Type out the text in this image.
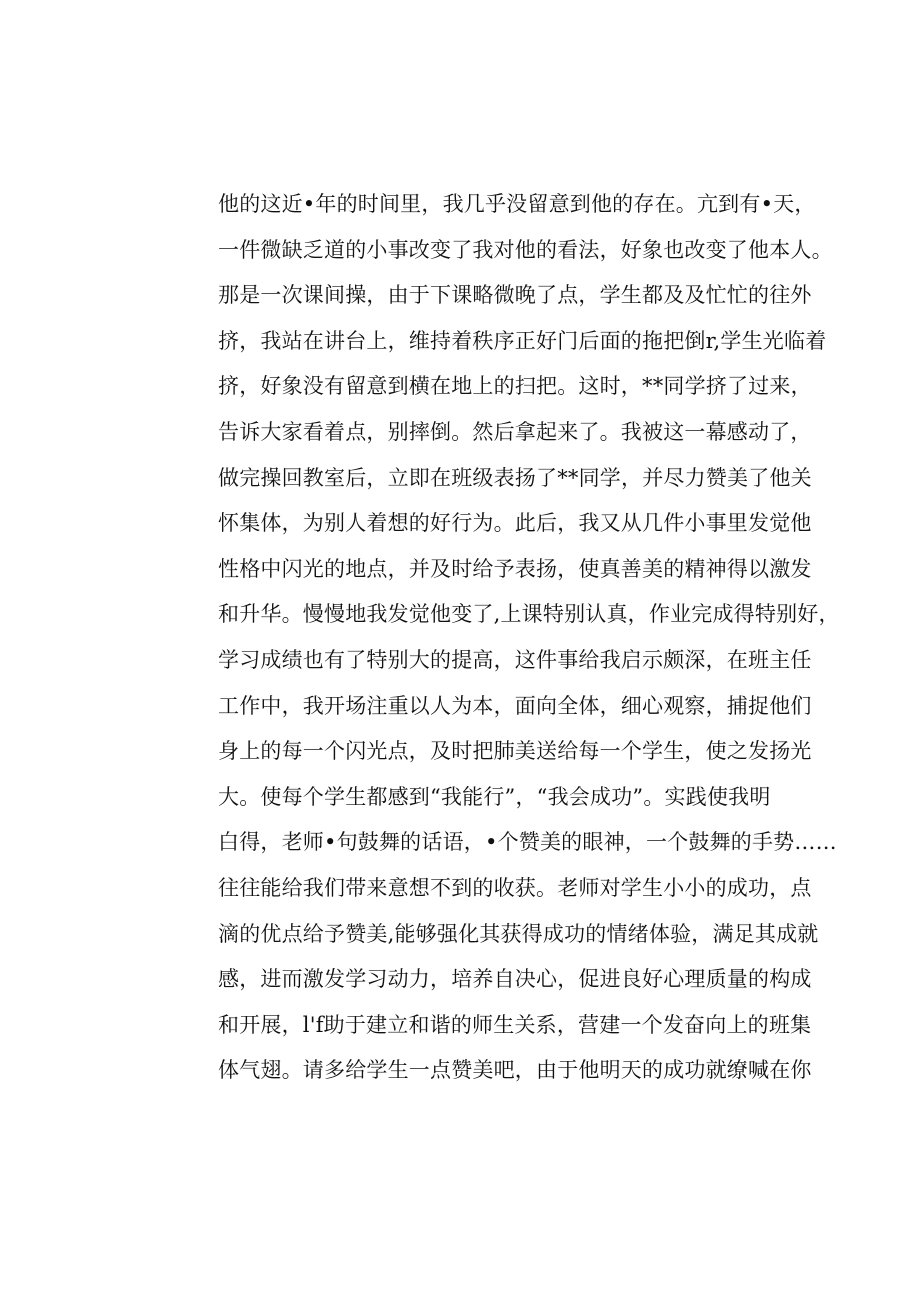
他的这近•年的时间里，我几乎没留意到他的存在。亢到有•天，
一件微缺乏道的小事改变了我对他的看法，好象也改变了他本人。
那是一次课间操，由于下课略微晚了点，学生都及及忙忙的往外
挤，我站在讲台上，维持着秩序正好门后面的拖把倒r,学生光临着
挤，好象没有留意到横在地上的扫把。这时，**同学挤了过来，
告诉大家看着点，别摔倒。然后拿起来了。我被这一幕感动了，
做完操回教室后，立即在班级表扬了**同学，并尽力赞美了他关
怀集体，为别人着想的好行为。此后，我又从几件小事里发觉他
性格中闪光的地点，并及时给予表扬，使真善美的精神得以激发
和升华。慢慢地我发觉他变了,上课特别认真，作业完成得特别好，
学习成绩也有了特别大的提高，这件事给我启示颇深，在班主任
工作中，我开场注重以人为本，面向全体，细心观察，捕捉他们
身上的每一个闪光点，及时把肺美送给每一个学生，使之发扬光
大。使每个学生都感到“我能行”，“我会成功”。实践使我明
白得，老师•句鼓舞的话语，•个赞美的眼神，一个鼓舞的手势……
往往能给我们带来意想不到的收获。老师对学生小小的成功，点
滴的优点给予赞美,能够强化其获得成功的情绪体验，满足其成就
感，进而激发学习动力，培养自决心，促进良好心理质量的构成
和开展，l'f助于建立和谐的师生关系，营建一个发奋向上的班集
体气翅。请多给学生一点赞美吧，由于他明天的成功就缭喊在你
